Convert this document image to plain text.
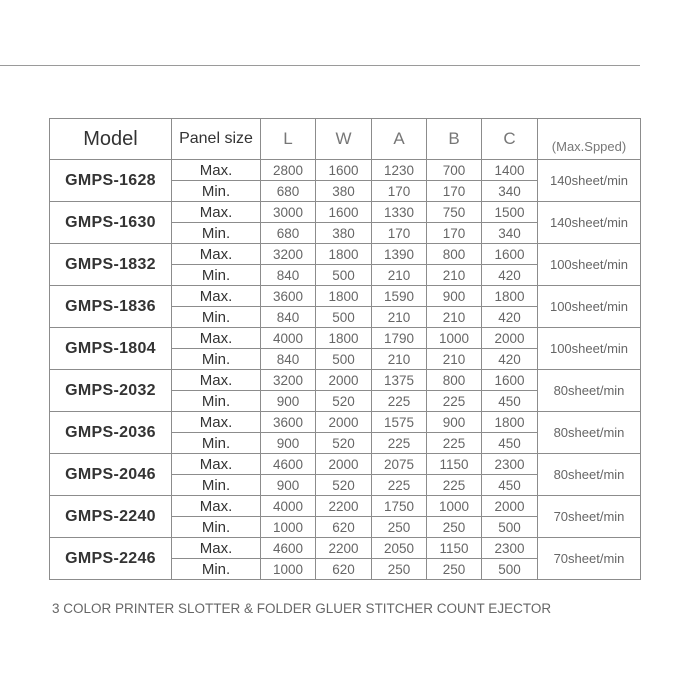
Model	Panel size	L	W	A	B	C	(Max.Spped)
GMPS-1628	Max.	2800	1600	1230	700	1400	140sheet/min
	Min.	680	380	170	170	340	
GMPS-1630	Max.	3000	1600	1330	750	1500	140sheet/min
	Min.	680	380	170	170	340	
GMPS-1832	Max.	3200	1800	1390	800	1600	100sheet/min
	Min.	840	500	210	210	420	
GMPS-1836	Max.	3600	1800	1590	900	1800	100sheet/min
	Min.	840	500	210	210	420	
GMPS-1804	Max.	4000	1800	1790	1000	2000	100sheet/min
	Min.	840	500	210	210	420	
GMPS-2032	Max.	3200	2000	1375	800	1600	80sheet/min
	Min.	900	520	225	225	450	
GMPS-2036	Max.	3600	2000	1575	900	1800	80sheet/min
	Min.	900	520	225	225	450	
GMPS-2046	Max.	4600	2000	2075	1150	2300	80sheet/min
	Min.	900	520	225	225	450	
GMPS-2240	Max.	4000	2200	1750	1000	2000	70sheet/min
	Min.	1000	620	250	250	500	
GMPS-2246	Max.	4600	2200	2050	1150	2300	70sheet/min
	Min.	1000	620	250	250	500	
3 COLOR PRINTER SLOTTER & FOLDER GLUER STITCHER COUNT EJECTOR
